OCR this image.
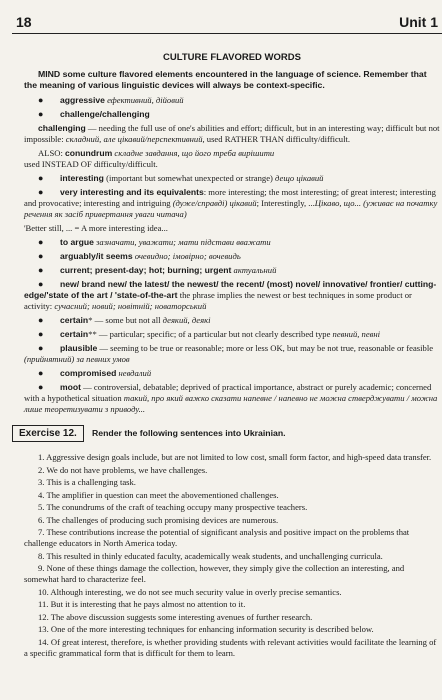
18	Unit 1
CULTURE FLAVORED WORDS

MIND some culture flavored elements encountered in the language of science. Remember that the meaning of various linguistic devices will always be context-specific.

● aggressive ефективний, дійовий

● challenge/challenging

challenging — needing the full use of one's abilities and effort; difficult, but in an interesting way; difficult but not impossible: складний, але цікавий/перспективний, used RATHER THAN difficulty/difficult.

ALSO: conundrum складне завдання, що його треба вирішити
used INSTEAD OF difficulty/difficult.

● interesting (important but somewhat unexpected or strange) дещо цікавий

● very interesting and its equivalents: more interesting; the most interesting; of great interest; interesting and provocative; interesting and intriguing (дуже/справді) цікавий; Interestingly, ...Цікаво, що... (уживає на початку речення як засіб привертання уваги читача)

'Better still, ... = A more interesting idea...

● to argue зазначати, уважати; мати підстави вважати

● arguably/it seems очевидно; імовірно; вочевидь

● current; present-day; hot; burning; urgent актуальний

● new/ brand new/ the latest/ the newest/ the recent/ (most) novel/ innovative/ frontier/ cutting-edge/'state of the art / 'state-of-the-art the phrase implies the newest or best techniques in some product or activity: сучасний; новий; новітній; новаторський

● certain* — some but not all деякий, деякі

● certain** — particular; specific; of a particular but not clearly described type певний, певні

● plausible — seeming to be true or reasonable; more or less OK, but may be not true, reasonable or feasible (прийнятний) за певних умов

● compromised невдалий

● moot — controversial, debatable; deprived of practical importance, abstract or purely academic; concerned with a hypothetical situation такий, про який важко сказати напевне / напевно не можна стверджувати / можна лише теоретизувати з приводу...

Exercise 12. Render the following sentences into Ukrainian.

1. Aggressive design goals include, but are not limited to low cost, small form factor, and high-speed data transfer.

2. We do not have problems, we have challenges.

3. This is a challenging task.

4. The amplifier in question can meet the abovementioned challenges.

5. The conundrums of the craft of teaching occupy many prospective teachers.

6. The challenges of producing such promising devices are numerous.

7. These contributions increase the potential of significant analysis and positive impact on the problems that challenge educators in North America today.

8. This resulted in thinly educated faculty, academically weak students, and unchallenging curricula.

9. None of these things damage the collection, however, they simply give the collection an interesting, and somewhat hard to characterize feel.

10. Although interesting, we do not see much security value in overly precise semantics.

11. But it is interesting that he pays almost no attention to it.

12. The above discussion suggests some interesting avenues of further research.

13. One of the more interesting techniques for enhancing information security is described below.

14. Of great interest, therefore, is whether providing students with relevant activities would facilitate the learning of a specific grammatical form that is difficult for them to learn.
